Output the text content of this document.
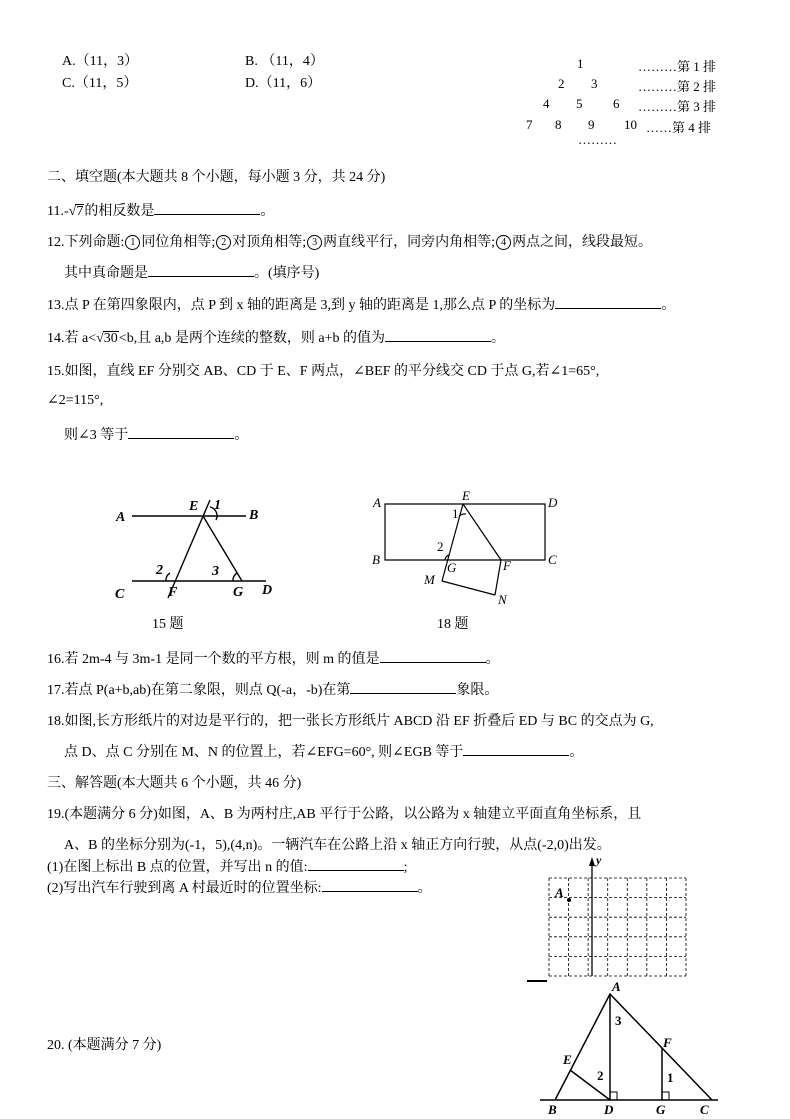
A.（11，3）	B. （11，4）
C.（11，5）	D.（11，6）
1
2 3
4 5 6
7 8 9 10
………第 1 排
………第 2 排
………第 3 排
……第 4 排
………
二、填空题(本大题共 8 个小题，每小题 3 分，共 24 分)
11.-√7的相反数是	。
12.下列命题: 1 同位角相等; 2 对顶角相等; 3 两直线平行，同旁内角相等; 4 两点之间，线段最短。
其中真命题是	。(填序号)
13.点 P 在第四象限内，点 P 到 x 轴的距离是 3,到 y 轴的距离是 1,那么点 P 的坐标为	。
14.若 a<√30<b,且 a,b 是两个连续的整数，则 a+b 的值为	。
15.如图，直线 EF 分别交 AB、CD 于 E、F 两点，∠BEF 的平分线交 CD 于点 G,若∠1=65°,
∠2=115°,
则∠3 等于	。
A	B
C	D
E
F	G
1
2	3
15 题
A	D
B	C
E
F
G
M
N
1
2
18 题
16.若 2m-4 与 3m-1 是同一个数的平方根，则 m 的值是	。
17.若点 P(a+b,ab)在第二象限，则点 Q(-a，-b)在第	象限。
18.如图,长方形纸片的对边是平行的，把一张长方形纸片 ABCD 沿 EF 折叠后 ED 与 BC 的交点为 G,
点 D、点 C 分别在 M、N 的位置上，若∠EFG=60°, 则∠EGB 等于	。
三、解答题(本大题共 6 个小题，共 46 分)
19.(本题满分 6 分)如图，A、B 为两村庄,AB 平行于公路，以公路为 x 轴建立平面直角坐标系，且
A、B 的坐标分别为(-1，5),(4,n)。一辆汽车在公路上沿 x 轴正方向行驶，从点(-2,0)出发。
(1)在图上标出 B 点的位置，并写出 n 的值:	;
(2)写出汽车行驶到离 A 村最近时的位置坐标:	。
y
A
20. (本题满分 7 分)
A
B	C
D
E
F
G
3
2	1
